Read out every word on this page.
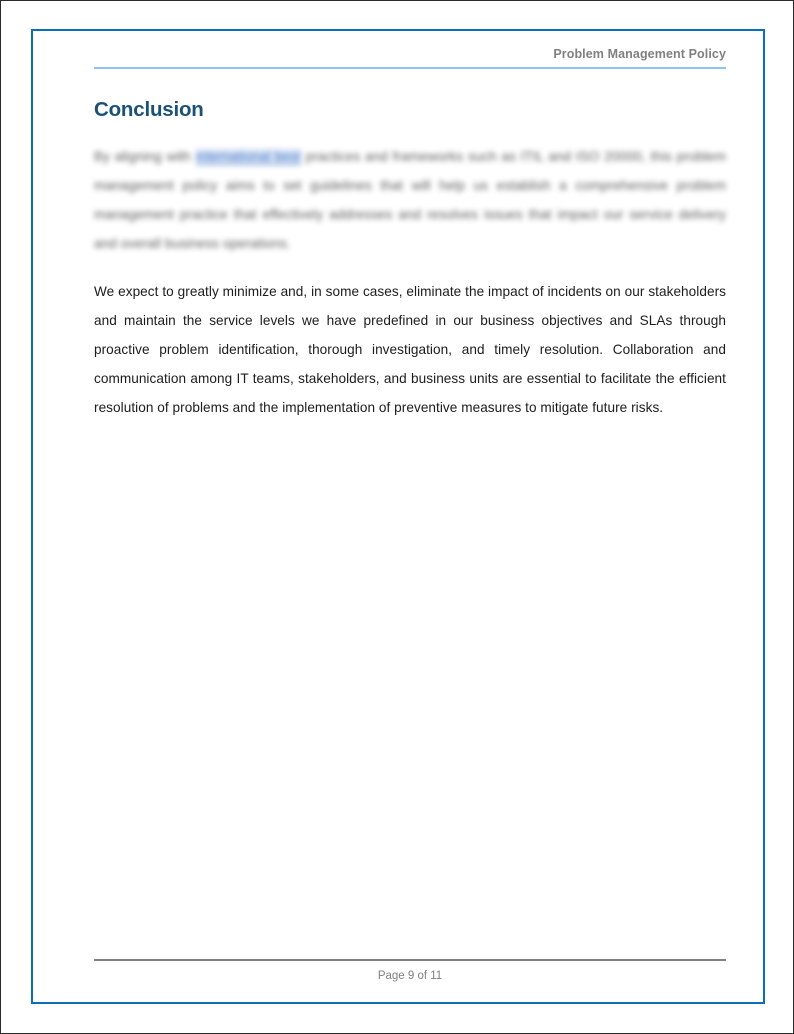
Problem Management Policy
Conclusion

By aligning with international best practices and frameworks such as ITIL and ISO 20000, this problem management policy aims to set guidelines that will help us establish a comprehensive problem management practice that effectively addresses and resolves issues that impact our service delivery and overall business operations.

We expect to greatly minimize and, in some cases, eliminate the impact of incidents on our stakeholders and maintain the service levels we have predefined in our business objectives and SLAs through proactive problem identification, thorough investigation, and timely resolution. Collaboration and communication among IT teams, stakeholders, and business units are essential to facilitate the efficient resolution of problems and the implementation of preventive measures to mitigate future risks.

Page 9 of 11
